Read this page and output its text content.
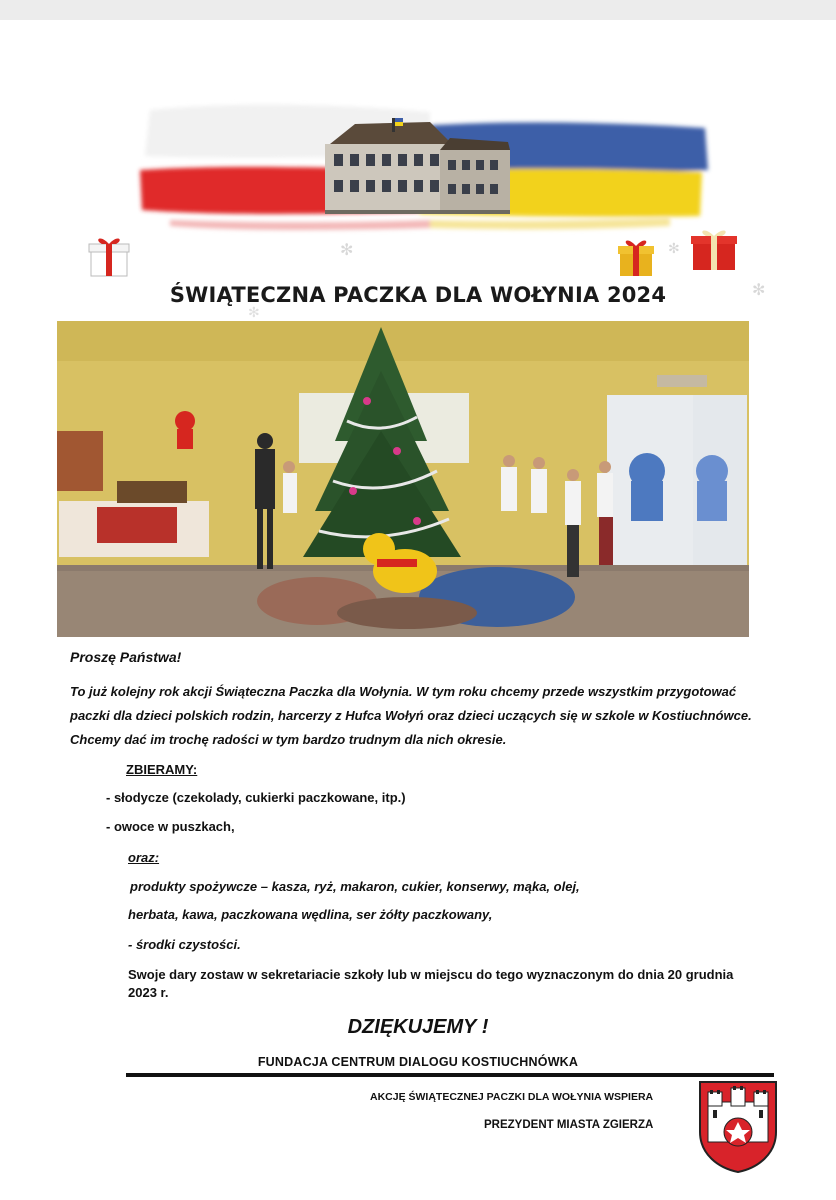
✻
✻
✻
✻
ŚWIĄTECZNA PACZKA DLA WOŁYNIA 2024
Proszę Państwa!
To już kolejny rok akcji Świąteczna Paczka dla Wołynia. W tym roku chcemy przede wszystkim przygotować
paczki dla dzieci polskich rodzin, harcerzy z Hufca Wołyń oraz dzieci uczących się w szkole w Kostiuchnówce.
Chcemy dać im trochę radości w tym bardzo trudnym dla nich okresie.
ZBIERAMY:
- słodycze (czekolady, cukierki paczkowane, itp.)
- owoce w puszkach,
oraz:
produkty spożywcze – kasza, ryż, makaron, cukier, konserwy, mąka, olej,
herbata, kawa, paczkowana wędlina, ser żółty paczkowany,
- środki czystości.
Swoje dary zostaw w sekretariacie szkoły lub w miejscu do tego wyznaczonym do dnia 20 grudnia
2023 r.
DZIĘKUJEMY !
FUNDACJA CENTRUM DIALOGU KOSTIUCHNÓWKA
AKCJĘ ŚWIĄTECZNEJ PACZKI DLA WOŁYNIA WSPIERA
PREZYDENT MIASTA ZGIERZA
